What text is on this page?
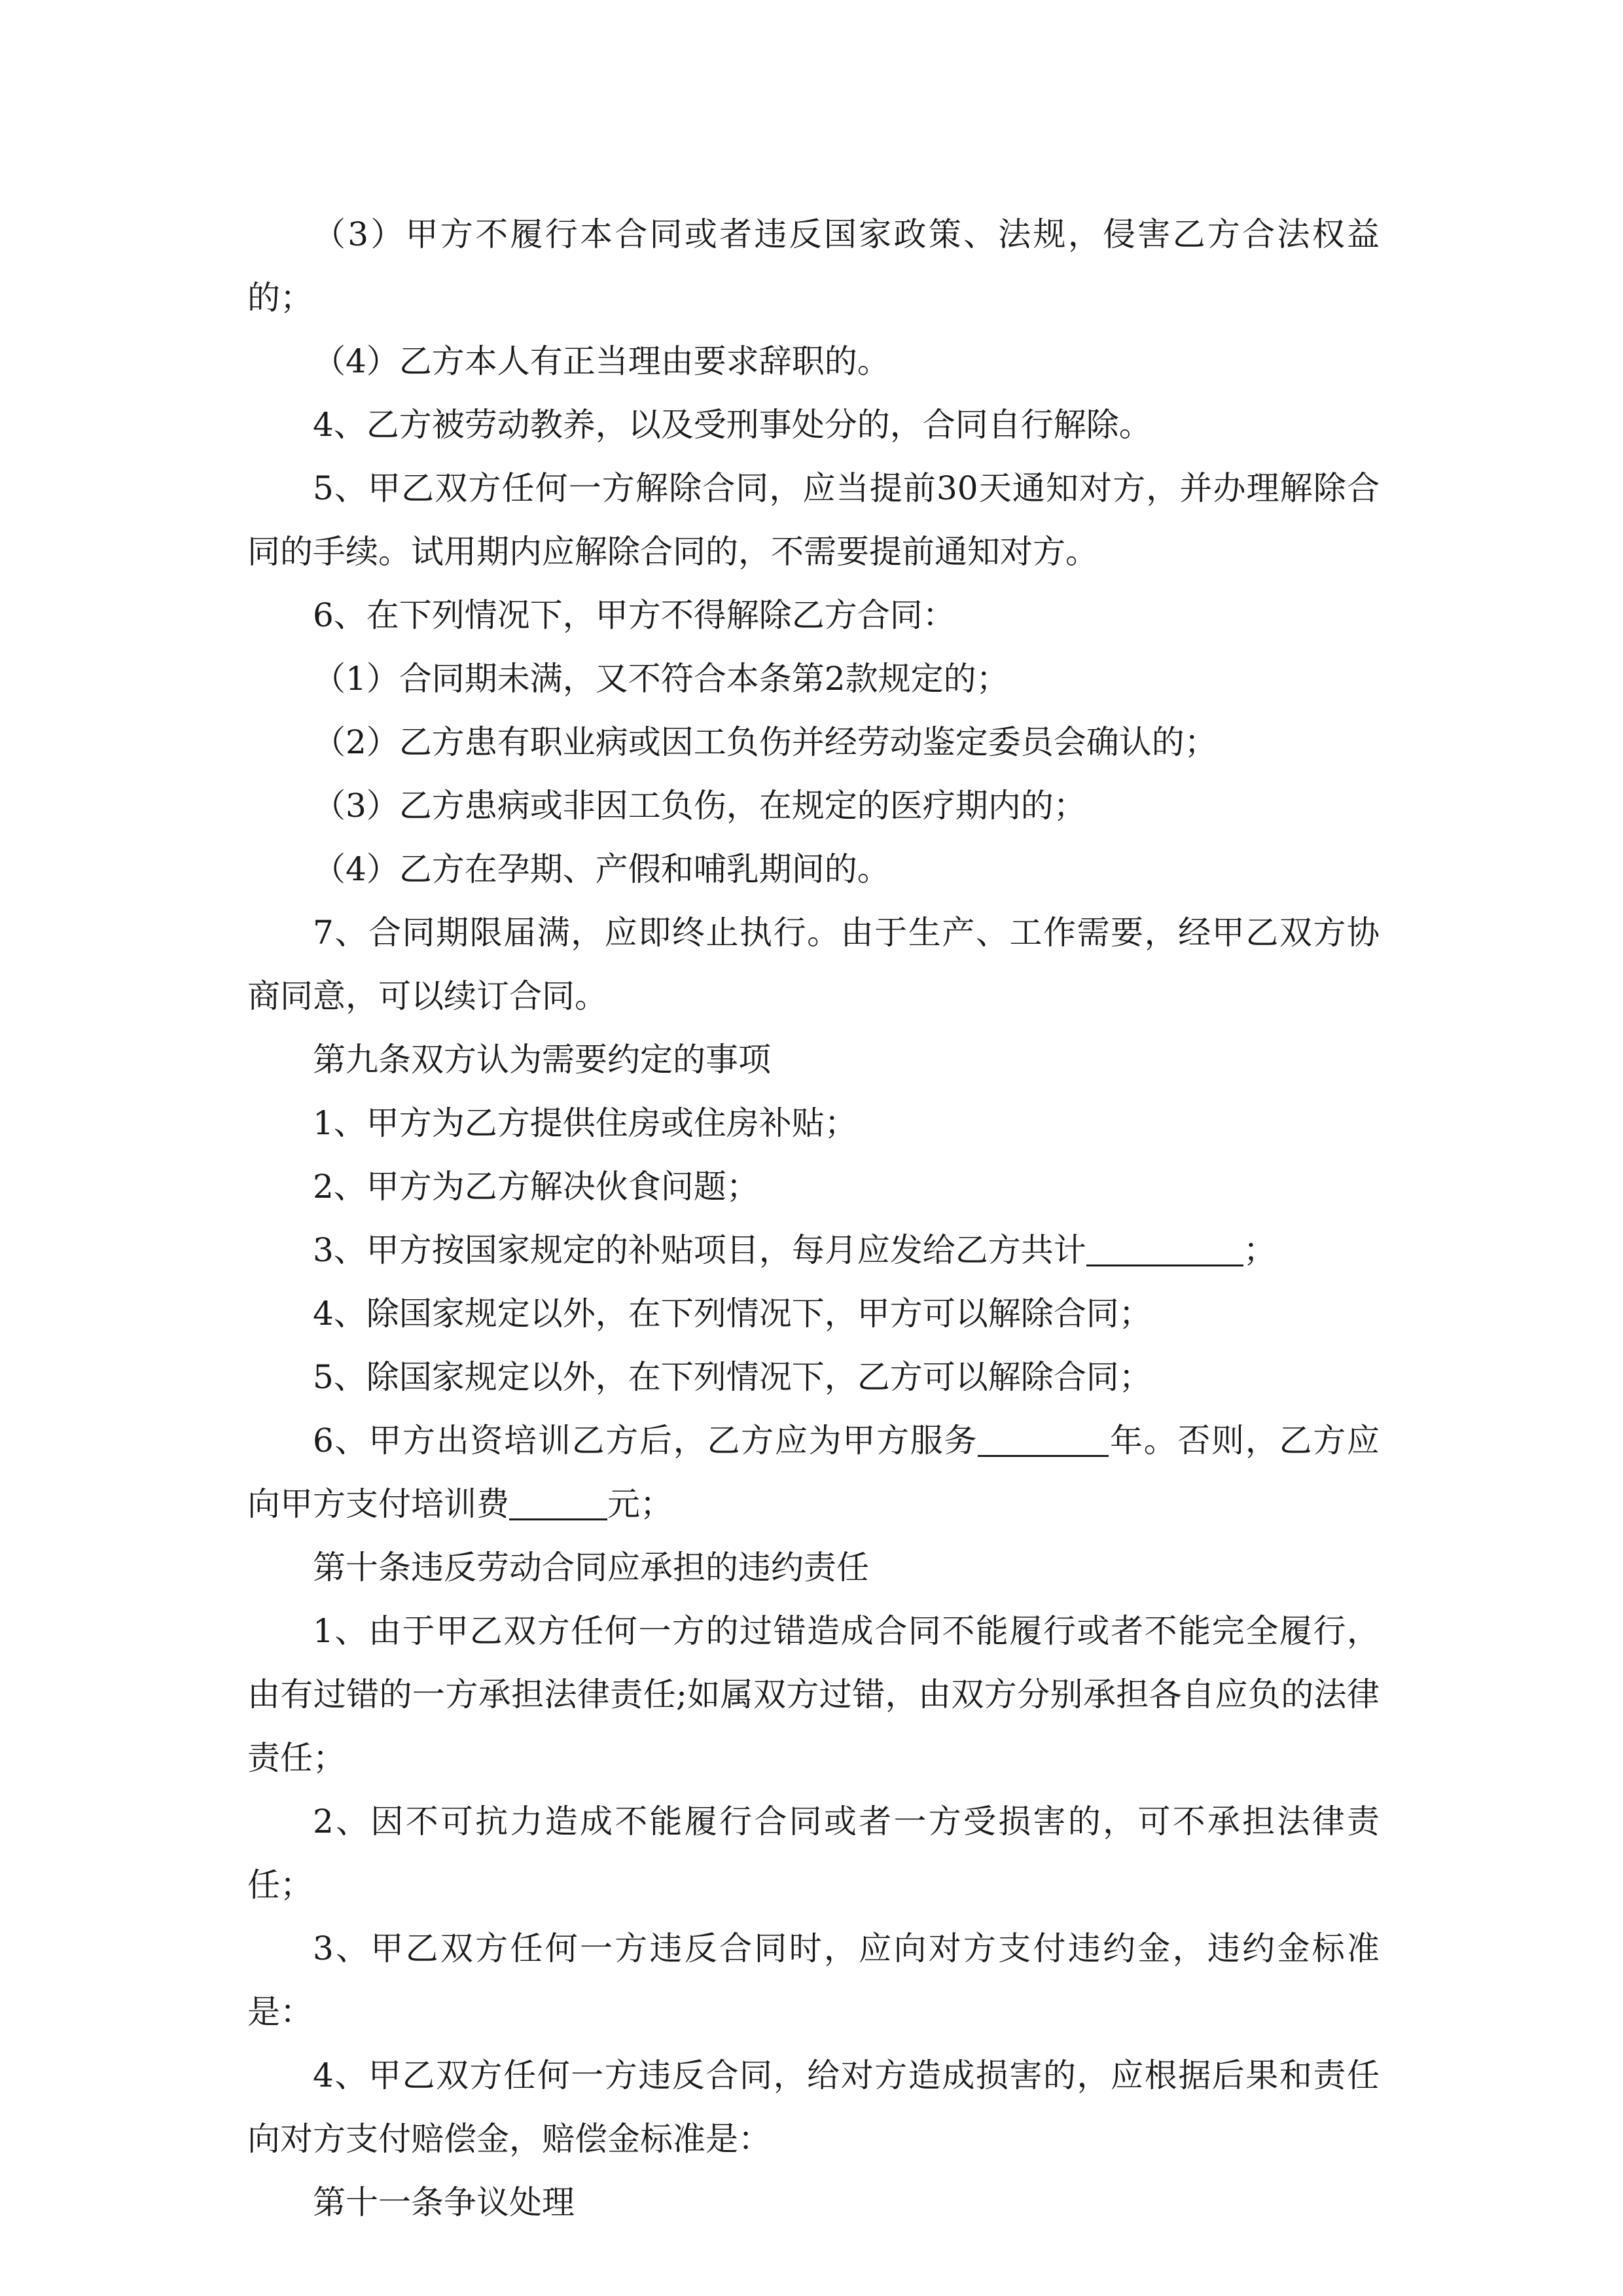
（3）甲方不履行本合同或者违反国家政策、法规，侵害乙方合法权益的；

（4）乙方本人有正当理由要求辞职的。

4、乙方被劳动教养，以及受刑事处分的，合同自行解除。

5、甲乙双方任何一方解除合同，应当提前30天通知对方，并办理解除合同的手续。试用期内应解除合同的，不需要提前通知对方。

6、在下列情况下，甲方不得解除乙方合同：

（1）合同期未满，又不符合本条第2款规定的；

（2）乙方患有职业病或因工负伤并经劳动鉴定委员会确认的；

（3）乙方患病或非因工负伤，在规定的医疗期内的；

（4）乙方在孕期、产假和哺乳期间的。

7、合同期限届满，应即终止执行。由于生产、工作需要，经甲乙双方协商同意，可以续订合同。

第九条双方认为需要约定的事项

1、甲方为乙方提供住房或住房补贴；

2、甲方为乙方解决伙食问题；

3、甲方按国家规定的补贴项目，每月应发给乙方共计	；

4、除国家规定以外，在下列情况下，甲方可以解除合同；

5、除国家规定以外，在下列情况下，乙方可以解除合同；

6、甲方出资培训乙方后，乙方应为甲方服务	年。否则，乙方应向甲方支付培训费	元；

第十条违反劳动合同应承担的违约责任

1、由于甲乙双方任何一方的过错造成合同不能履行或者不能完全履行，由有过错的一方承担法律责任;如属双方过错，由双方分别承担各自应负的法律责任；

2、因不可抗力造成不能履行合同或者一方受损害的，可不承担法律责任；

3、甲乙双方任何一方违反合同时，应向对方支付违约金，违约金标准是：

4、甲乙双方任何一方违反合同，给对方造成损害的，应根据后果和责任向对方支付赔偿金，赔偿金标准是：

第十一条争议处理
